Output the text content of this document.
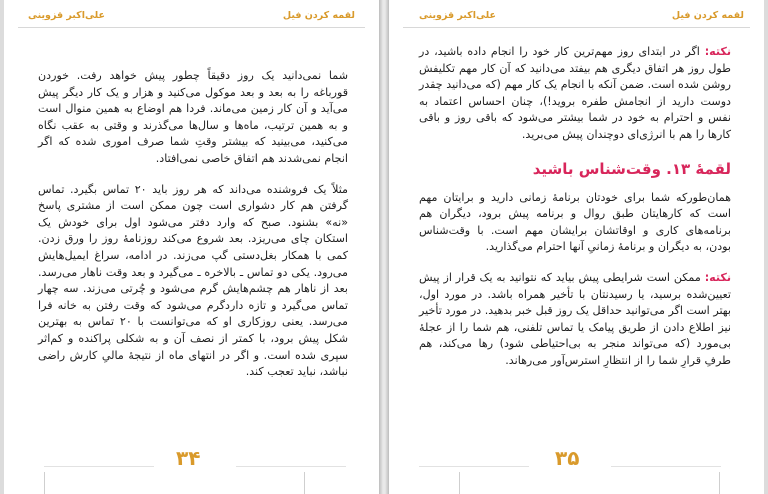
علی‌اکبر قزوینی	لقمه کردن فیل

شما نمی‌دانید یک روز دقیقاً چطور پیش خواهد رفت. خوردن قورباغه را به بعد و بعد موکول می‌کنید و هزار و یک کار دیگر پیش می‌آید و آن کار زمین می‌ماند. فردا هم اوضاع به همین منوال است و به همین ترتیب، ماه‌ها و سال‌ها می‌گذرند و وقتی به عقب نگاه می‌کنید، می‌بینید که بیشتر وقتِ شما صرف اموری شده که اگر انجام نمی‌شدند هم اتفاق خاصی نمی‌افتاد.

مثلاً یک فروشنده می‌داند که هر روز باید ۲۰ تماس بگیرد. تماس گرفتن هم کار دشواری است چون ممکن است از مشتری پاسخ «نه» بشنود. صبح که وارد دفتر می‌شود اول برای خودش یک استکان چای می‌ریزد. بعد شروع می‌کند روزنامهٔ روز را ورق زدن. کمی با همکار بغل‌دستی گپ می‌زند. در ادامه، سراغ ایمیل‌هایش می‌رود. یکی دو تماس ـ بالاخره ـ می‌گیرد و بعد وقت ناهار می‌رسد. بعد از ناهار هم چشم‌هایش گرم می‌شود و چُرتی می‌زند. سه چهار تماس می‌گیرد و تازه داردگرم می‌شود که وقت رفتن به خانه فرا می‌رسد. یعنی روزکاری او که می‌توانست با ۲۰ تماس به بهترین شکل پیش برود، با کمتر از نصف آن و به شکلی پراکنده و کم‌اثر سپری شده است. و اگر در انتهای ماه از نتیجهٔ مالیِ کارش راضی نباشد، نباید تعجب کند.

۳۴
علی‌اکبر قزوینی	لقمه کردن فیل

نکته: اگر در ابتدای روز مهم‌ترین کار خود را انجام داده باشید، در طول روز هر اتفاق دیگری هم بیفتد می‌دانید که آن کار مهم تکلیفش روشن شده است. ضمن آنکه با انجام یک کار مهم (که می‌دانید چقدر دوست دارید از انجامش طفره بروید!)، چنان احساس اعتماد به نفس و احترام به خود در شما بیشتر می‌شود که باقی روز و باقی کارها را هم با انرژی‌ای دوچندان پیش می‌برید.

لقمهٔ ۱۳. وقت‌شناس باشید

همان‌طورکه شما برای خودتان برنامهٔ زمانی دارید و برایتان مهم است که کارهایتان طبق روال و برنامه پیش برود، دیگران هم برنامه‌های کاری و اوقاتشان برایشان مهم است. با وقت‌شناس بودن، به دیگران و برنامهٔ زمانیِ آنها احترام می‌گذارید.

نکته: ممکن است شرایطی پیش بیاید که نتوانید به یک قرار از پیش تعیین‌شده برسید، یا رسیدنتان با تأخیر همراه باشد. در مورد اول، بهتر است اگر می‌توانید حداقل یک روز قبل خبر بدهید. در مورد تأخیر نیز اطلاع دادن از طریق پیامک یا تماس تلفنی، هم شما را از عجلهٔ بی‌مورد (که می‌تواند منجر به بی‌احتیاطی شود) رها می‌کند، هم طرفِ قرارِ شما را از انتظارِ استرس‌آور می‌رهاند.

۳۵
